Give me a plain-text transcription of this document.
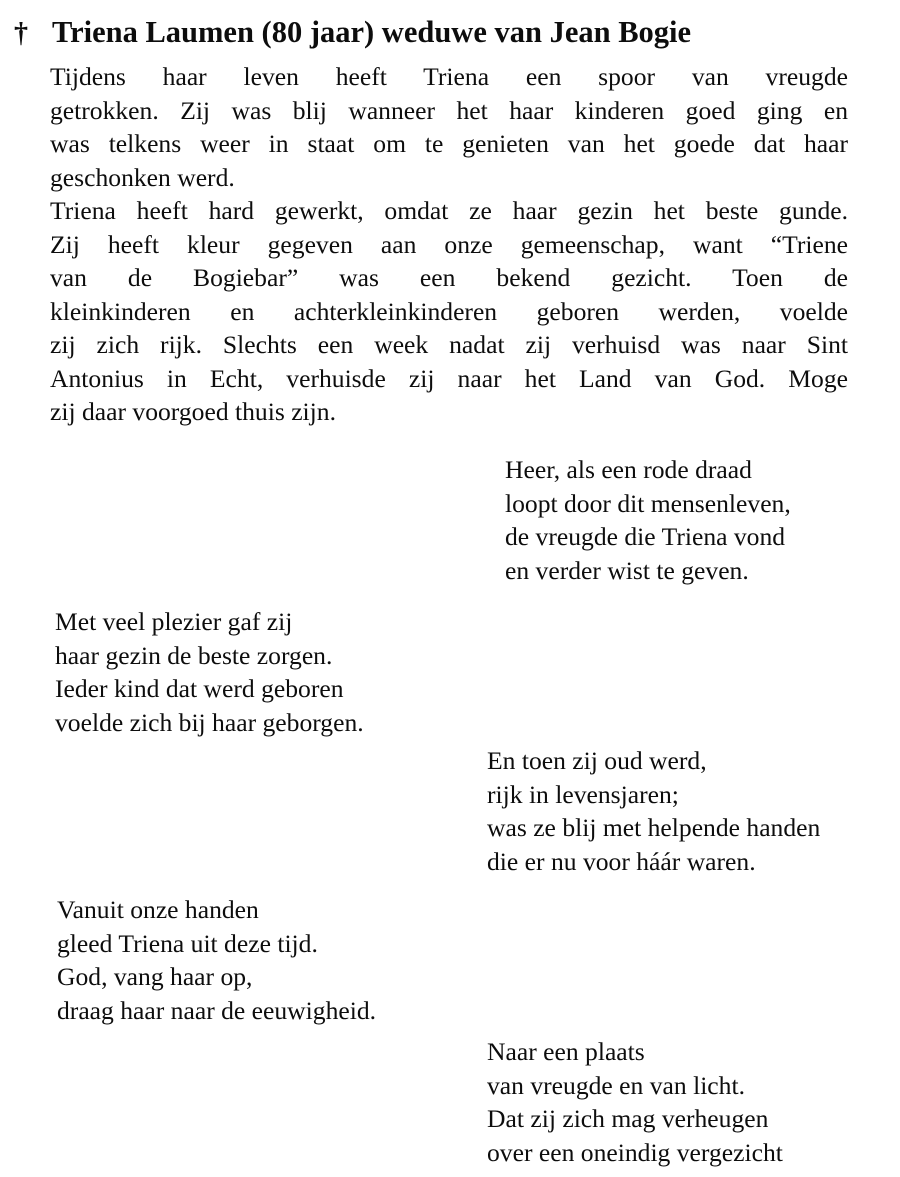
† Triena Laumen (80 jaar) weduwe van Jean Bogie
Tijdens haar leven heeft Triena een spoor van vreugde
getrokken. Zij was blij wanneer het haar kinderen goed ging en
was telkens weer in staat om te genieten van het goede dat haar
geschonken werd.
Triena heeft hard gewerkt, omdat ze haar gezin het beste gunde.
Zij heeft kleur gegeven aan onze gemeenschap, want “Triene
van de Bogiebar” was een bekend gezicht. Toen de
kleinkinderen en achterkleinkinderen geboren werden, voelde
zij zich rijk. Slechts een week nadat zij verhuisd was naar Sint
Antonius in Echt, verhuisde zij naar het Land van God. Moge
zij daar voorgoed thuis zijn.
Heer, als een rode draad
loopt door dit mensenleven,
de vreugde die Triena vond
en verder wist te geven.
Met veel plezier gaf zij
haar gezin de beste zorgen.
Ieder kind dat werd geboren
voelde zich bij haar geborgen.
En toen zij oud werd,
rijk in levensjaren;
was ze blij met helpende handen
die er nu voor háár waren.
Vanuit onze handen
gleed Triena uit deze tijd.
God, vang haar op,
draag haar naar de eeuwigheid.
Naar een plaats
van vreugde en van licht.
Dat zij zich mag verheugen
over een oneindig vergezicht
